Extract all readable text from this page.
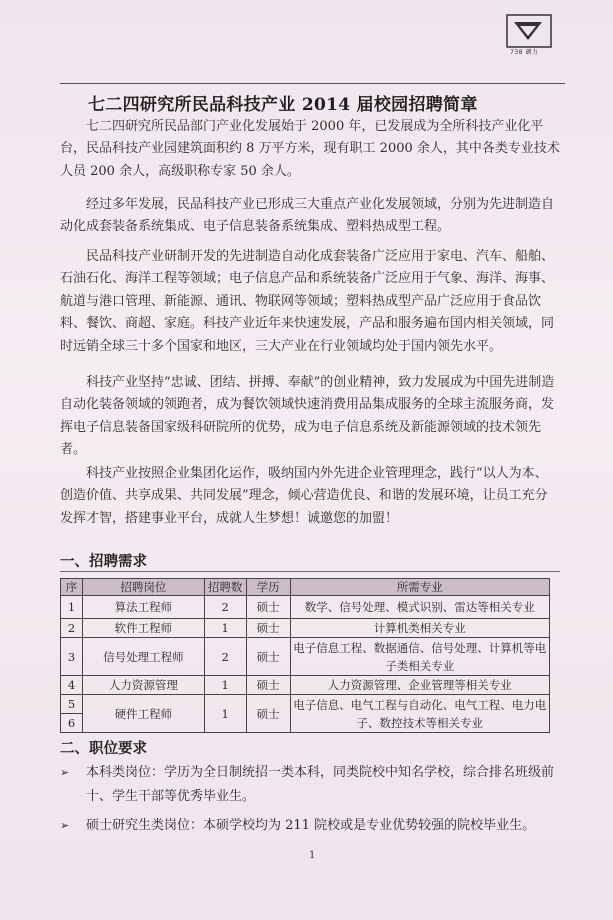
738 碉力
七二四研究所民品科技产业 2014 届校园招聘简章

七二四研究所民品部门产业化发展始于 2000 年，已发展成为全所科技产业化平台，民品科技产业园建筑面积约 8 万平方米，现有职工 2000 余人，其中各类专业技术人员 200 余人，高级职称专家 50 余人。

经过多年发展，民品科技产业已形成三大重点产业化发展领域，分别为先进制造自动化成套装备系统集成、电子信息装备系统集成、塑料热成型工程。

民品科技产业研制开发的先进制造自动化成套装备广泛应用于家电、汽车、船舶、石油石化、海洋工程等领域；电子信息产品和系统装备广泛应用于气象、海洋、海事、航道与港口管理、新能源、通讯、物联网等领域；塑料热成型产品广泛应用于食品饮料、餐饮、商超、家庭。科技产业近年来快速发展，产品和服务遍布国内相关领域，同时远销全球三十多个国家和地区，三大产业在行业领域均处于国内领先水平。

科技产业坚持“忠诚、团结、拼搏、奉献”的创业精神，致力发展成为中国先进制造自动化装备领域的领跑者，成为餐饮领域快速消费用品集成服务的全球主流服务商，发挥电子信息装备国家级科研院所的优势，成为电子信息系统及新能源领域的技术领先者。

科技产业按照企业集团化运作，吸纳国内外先进企业管理理念，践行“以人为本、创造价值、共享成果、共同发展”理念，倾心营造优良、和谐的发展环境，让员工充分发挥才智，搭建事业平台，成就人生梦想！诚邀您的加盟！

一、招聘需求
序	招聘岗位	招聘数	学历	所需专业
1	算法工程师	2	硕士	数学、信号处理、模式识别、雷达等相关专业
2	软件工程师	1	硕士	计算机类相关专业
3	信号处理工程师	2	硕士	电子信息工程、数据通信、信号处理、计算机等电子类相关专业
4	人力资源管理	1	硕士	人力资源管理、企业管理等相关专业
5	硬件工程师	1	硕士	电子信息、电气工程与自动化、电气工程、电力电子、数控技术等相关专业
6				
二、职位要求
➢ 本科类岗位：学历为全日制统招一类本科，同类院校中知名学校，综合排名班级前
十、学生干部等优秀毕业生。
➢ 硕士研究生类岗位：本硕学校均为 211 院校或是专业优势较强的院校毕业生。
1
